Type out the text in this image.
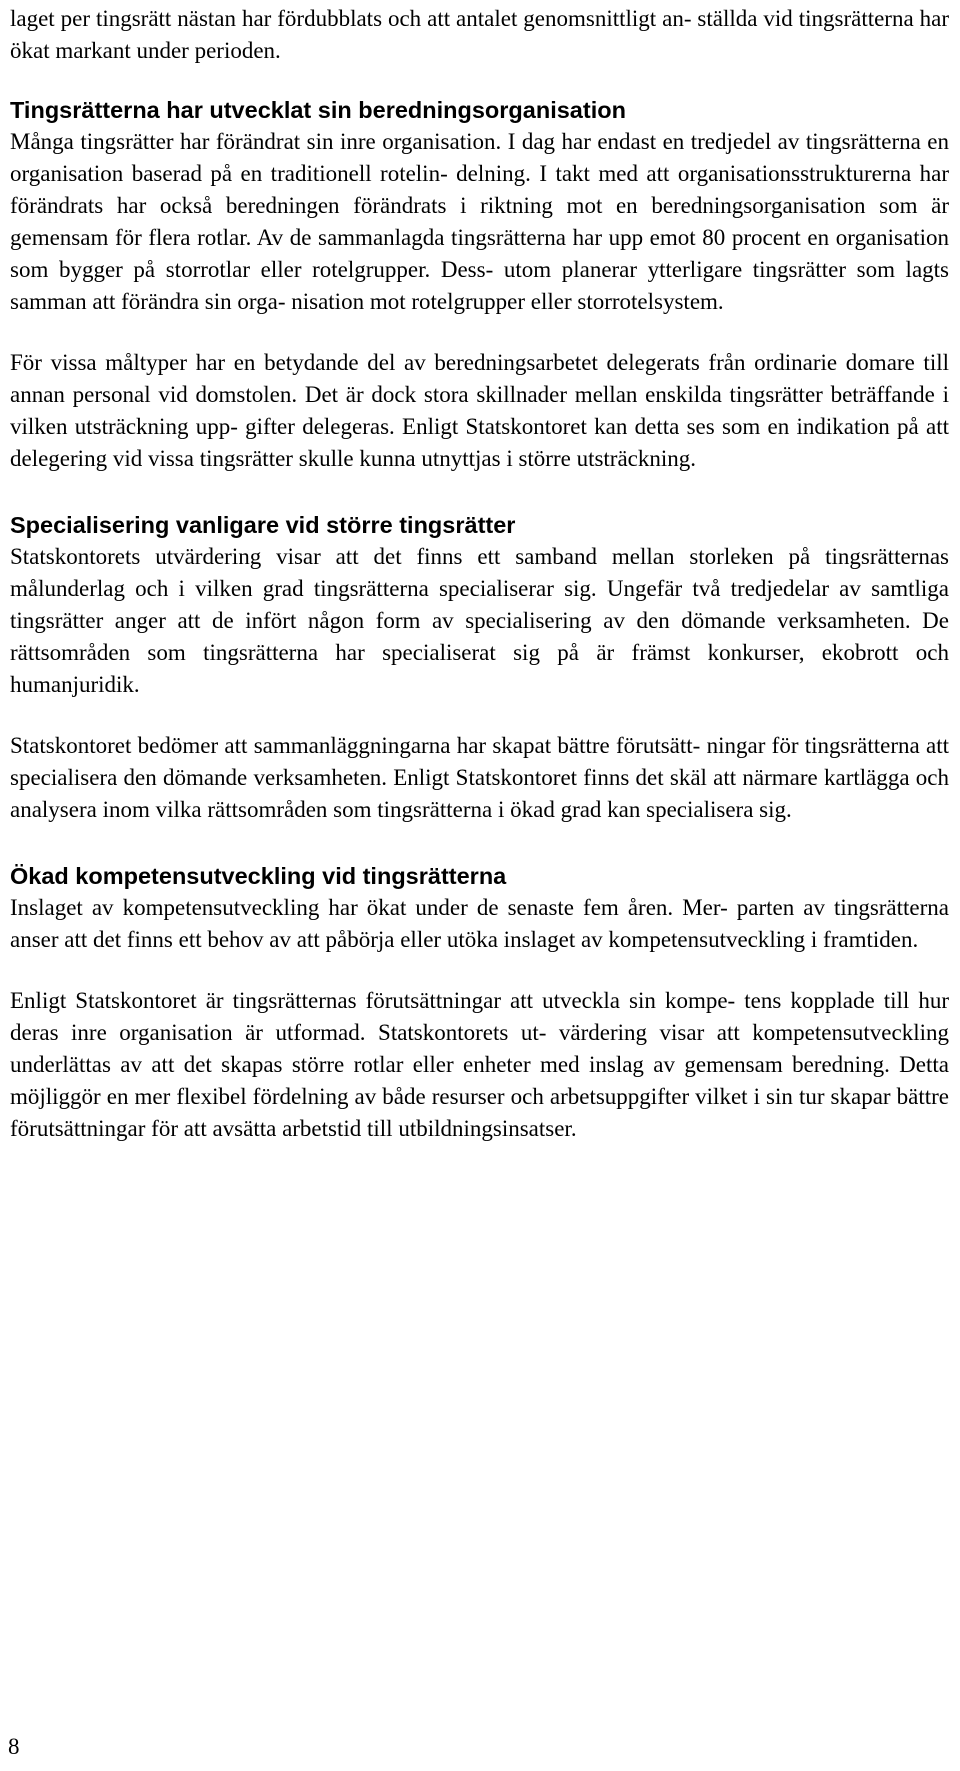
laget per tingsrätt nästan har fördubblats och att antalet genomsnittligt an- ställda vid tingsrätterna har ökat markant under perioden.

Tingsrätterna har utvecklat sin beredningsorganisation

Många tingsrätter har förändrat sin inre organisation. I dag har endast en tredjedel av tingsrätterna en organisation baserad på en traditionell rotelin- delning. I takt med att organisationsstrukturerna har förändrats har också beredningen förändrats i riktning mot en beredningsorganisation som är gemensam för flera rotlar. Av de sammanlagda tingsrätterna har upp emot 80 procent en organisation som bygger på storrotlar eller rotelgrupper. Dess- utom planerar ytterligare tingsrätter som lagts samman att förändra sin orga- nisation mot rotelgrupper eller storrotelsystem.

För vissa måltyper har en betydande del av beredningsarbetet delegerats från ordinarie domare till annan personal vid domstolen. Det är dock stora skillnader mellan enskilda tingsrätter beträffande i vilken utsträckning upp- gifter delegeras. Enligt Statskontoret kan detta ses som en indikation på att delegering vid vissa tingsrätter skulle kunna utnyttjas i större utsträckning.

Specialisering vanligare vid större tingsrätter

Statskontorets utvärdering visar att det finns ett samband mellan storleken på tingsrätternas målunderlag och i vilken grad tingsrätterna specialiserar sig. Ungefär två tredjedelar av samtliga tingsrätter anger att de infört någon form av specialisering av den dömande verksamheten. De rättsområden som tingsrätterna har specialiserat sig på är främst konkurser, ekobrott och humanjuridik.

Statskontoret bedömer att sammanläggningarna har skapat bättre förutsätt- ningar för tingsrätterna att specialisera den dömande verksamheten. Enligt Statskontoret finns det skäl att närmare kartlägga och analysera inom vilka rättsområden som tingsrätterna i ökad grad kan specialisera sig.

Ökad kompetensutveckling vid tingsrätterna

Inslaget av kompetensutveckling har ökat under de senaste fem åren. Mer- parten av tingsrätterna anser att det finns ett behov av att påbörja eller utöka inslaget av kompetensutveckling i framtiden.

Enligt Statskontoret är tingsrätternas förutsättningar att utveckla sin kompe- tens kopplade till hur deras inre organisation är utformad. Statskontorets ut- värdering visar att kompetensutveckling underlättas av att det skapas större rotlar eller enheter med inslag av gemensam beredning. Detta möjliggör en mer flexibel fördelning av både resurser och arbetsuppgifter vilket i sin tur skapar bättre förutsättningar för att avsätta arbetstid till utbildningsinsatser.

8
